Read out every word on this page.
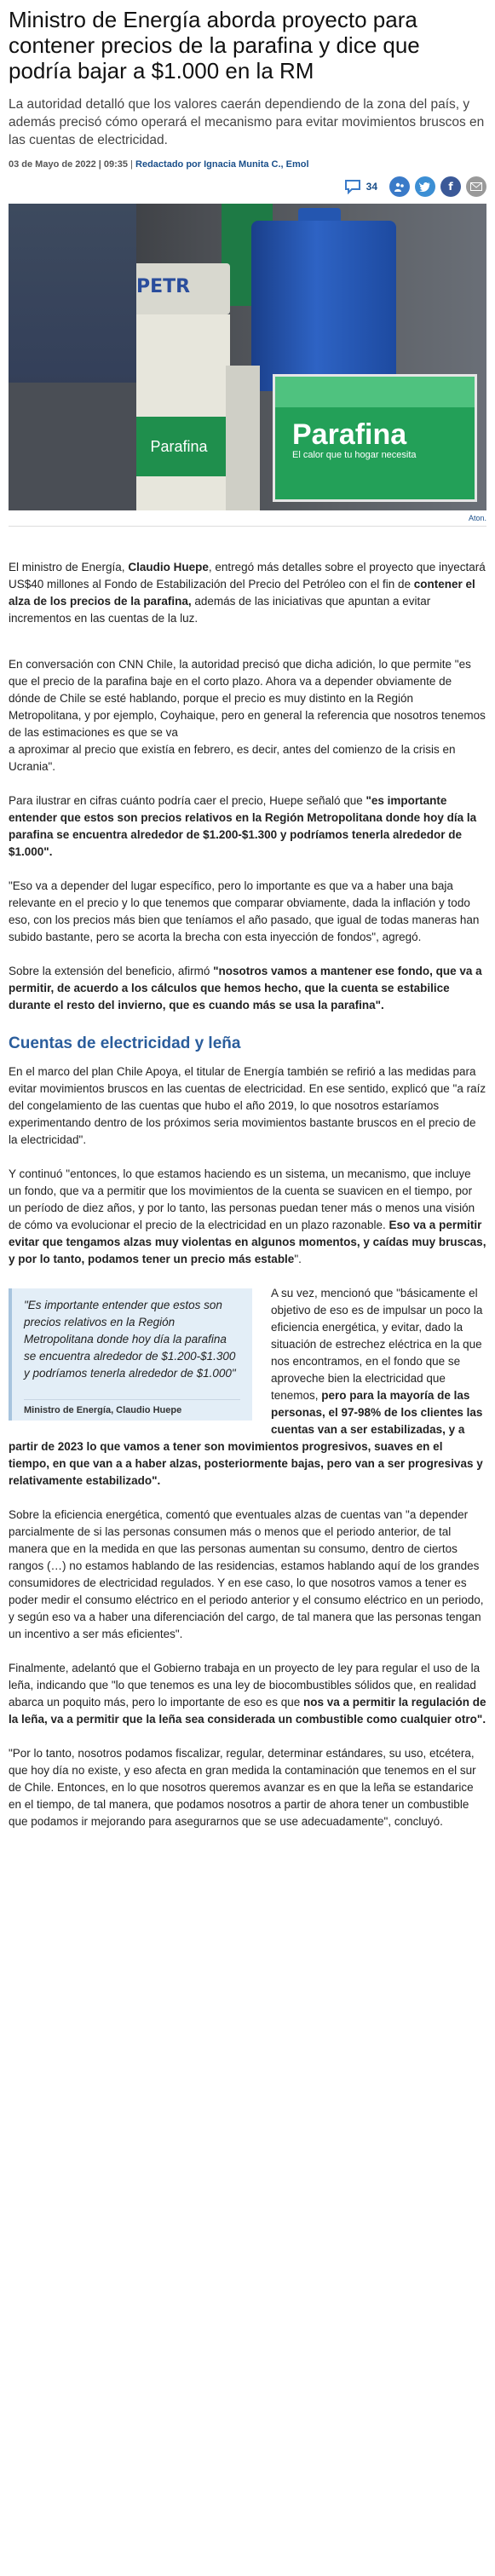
Ministro de Energía aborda proyecto para contener precios de la parafina y dice que podría bajar a $1.000 en la RM

La autoridad detalló que los valores caerán dependiendo de la zona del país, y además precisó cómo operará el mecanismo para evitar movimientos bruscos en las cuentas de electricidad.

03 de Mayo de 2022 | 09:35 | Redactado por Ignacia Munita C., Emol
34	f
PETR
Parafina	Parafina
El calor que tu hogar necesita
Aton.

El ministro de Energía, Claudio Huepe, entregó más detalles sobre el proyecto que inyectará US$40 millones al Fondo de Estabilización del Precio del Petróleo con el fin de contener el alza de los precios de la parafina, además de las iniciativas que apuntan a evitar incrementos en las cuentas de la luz.

En conversación con CNN Chile, la autoridad precisó que dicha adición, lo que permite "es que el precio de la parafina baje en el corto plazo. Ahora va a depender obviamente de dónde de Chile se esté hablando, porque el precio es muy distinto en la Región Metropolitana, y por ejemplo, Coyhaique, pero en general la referencia que nosotros tenemos de las estimaciones es que se va

a aproximar al precio que existía en febrero, es decir, antes del comienzo de la crisis en Ucrania".

Para ilustrar en cifras cuánto podría caer el precio, Huepe señaló que "es importante entender que estos son precios relativos en la Región Metropolitana donde hoy día la parafina se encuentra alrededor de $1.200-$1.300 y podríamos tenerla alrededor de $1.000".

"Eso va a depender del lugar específico, pero lo importante es que va a haber una baja relevante en el precio y lo que tenemos que comparar obviamente, dada la inflación y todo eso, con los precios más bien que teníamos el año pasado, que igual de todas maneras han subido bastante, pero se acorta la brecha con esta inyección de fondos", agregó.

Sobre la extensión del beneficio, afirmó "nosotros vamos a mantener ese fondo, que va a permitir, de acuerdo a los cálculos que hemos hecho, que la cuenta se estabilice durante el resto del invierno, que es cuando más se usa la parafina".

Cuentas de electricidad y leña

En el marco del plan Chile Apoya, el titular de Energía también se refirió a las medidas para evitar movimientos bruscos en las cuentas de electricidad. En ese sentido, explicó que "a raíz del congelamiento de las cuentas que hubo el año 2019, lo que nosotros estaríamos experimentando dentro de los próximos seria movimientos bastante bruscos en el precio de la electricidad".

Y continuó "entonces, lo que estamos haciendo es un sistema, un mecanismo, que incluye un fondo, que va a permitir que los movimientos de la cuenta se suavicen en el tiempo, por un período de diez años, y por lo tanto, las personas puedan tener más o menos una visión de cómo va evolucionar el precio de la electricidad en un plazo razonable. Eso va a permitir evitar que tengamos alzas muy violentas en algunos momentos, y caídas muy bruscas, y por lo tanto, podamos tener un precio más estable".

"Es importante entender que estos son precios relativos en la Región Metropolitana donde hoy día la parafina se encuentra alrededor de $1.200-$1.300 y podríamos tenerla alrededor de $1.000"

Ministro de Energía, Claudio Huepe

A su vez, mencionó que "básicamente el objetivo de eso es de impulsar un poco la eficiencia energética, y evitar, dado la situación de estrechez eléctrica en la que nos encontramos, en el fondo que se aproveche bien la electricidad que tenemos, pero para la mayoría de las personas, el 97-98% de los clientes las cuentas van a ser estabilizadas, y a partir de 2023 lo que vamos a tener son movimientos progresivos, suaves en el tiempo, en que van a a haber alzas, posteriormente bajas, pero van a ser progresivas y relativamente estabilizado".

Sobre la eficiencia energética, comentó que eventuales alzas de cuentas van "a depender parcialmente de si las personas consumen más o menos que el periodo anterior, de tal manera que en la medida en que las personas aumentan su consumo, dentro de ciertos rangos (…) no estamos hablando de las residencias, estamos hablando aquí de los grandes consumidores de electricidad regulados. Y en ese caso, lo que nosotros vamos a tener es poder medir el consumo eléctrico en el periodo anterior y el consumo eléctrico en un periodo, y según eso va a haber una diferenciación del cargo, de tal manera que las personas tengan un incentivo a ser más eficientes".

Finalmente, adelantó que el Gobierno trabaja en un proyecto de ley para regular el uso de la leña, indicando que "lo que tenemos es una ley de biocombustibles sólidos que, en realidad abarca un poquito más, pero lo importante de eso es que nos va a permitir la regulación de la leña, va a permitir que la leña sea considerada un combustible como cualquier otro".

"Por lo tanto, nosotros podamos fiscalizar, regular, determinar estándares, su uso, etcétera, que hoy día no existe, y eso afecta en gran medida la contaminación que tenemos en el sur de Chile. Entonces, en lo que nosotros queremos avanzar es en que la leña se estandarice en el tiempo, de tal manera, que podamos nosotros a partir de ahora tener un combustible que podamos ir mejorando para asegurarnos que se use adecuadamente", concluyó.
